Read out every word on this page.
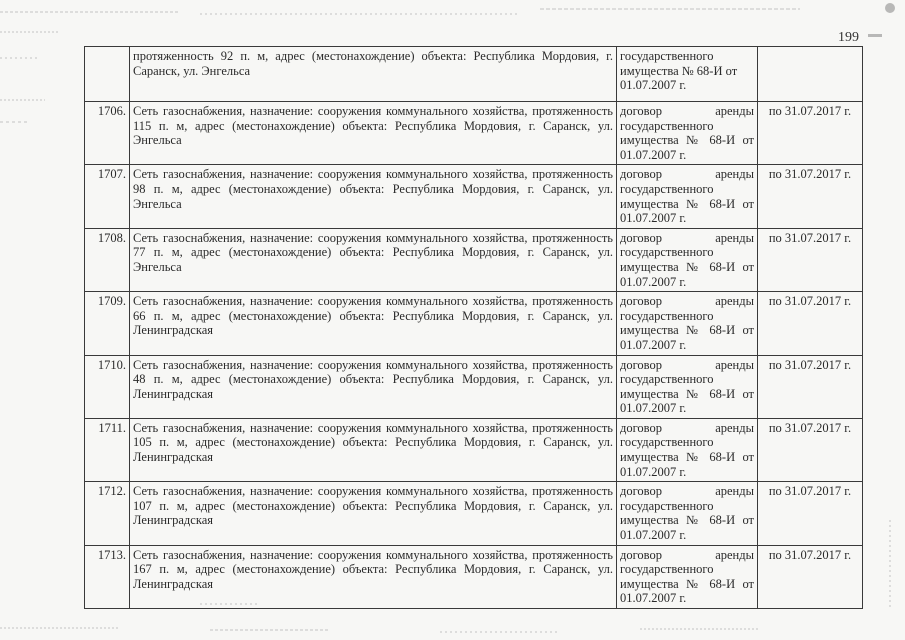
199
	протяженность 92 п. м, адрес (местонахождение) объекта: Республика Мордовия, г. Саранск, ул. Энгельса	государственного
имущества № 68-И от
01.07.2007 г.	

1706.	Сеть газоснабжения, назначение: сооружения коммунального хозяйства, протяженность 115 п. м, адрес (местонахождение) объекта: Республика Мордовия, г. Саранск, ул. Энгельса	договор аренды
государственного имущества № 68-И от 01.07.2007 г.	по 31.07.2017 г.
1707.	Сеть газоснабжения, назначение: сооружения коммунального хозяйства, протяженность 98 п. м, адрес (местонахождение) объекта: Республика Мордовия, г. Саранск, ул. Энгельса	договор аренды
государственного имущества № 68-И от 01.07.2007 г.	по 31.07.2017 г.
1708.	Сеть газоснабжения, назначение: сооружения коммунального хозяйства, протяженность 77 п. м, адрес (местонахождение) объекта: Республика Мордовия, г. Саранск, ул. Энгельса	договор аренды
государственного имущества № 68-И от 01.07.2007 г.	по 31.07.2017 г.
1709.	Сеть газоснабжения, назначение: сооружения коммунального хозяйства, протяженность 66 п. м, адрес (местонахождение) объекта: Республика Мордовия, г. Саранск, ул. Ленинградская	договор аренды
государственного имущества № 68-И от 01.07.2007 г.	по 31.07.2017 г.
1710.	Сеть газоснабжения, назначение: сооружения коммунального хозяйства, протяженность 48 п. м, адрес (местонахождение) объекта: Республика Мордовия, г. Саранск, ул. Ленинградская	договор аренды
государственного имущества № 68-И от 01.07.2007 г.	по 31.07.2017 г.
1711.	Сеть газоснабжения, назначение: сооружения коммунального хозяйства, протяженность 105 п. м, адрес (местонахождение) объекта: Республика Мордовия, г. Саранск, ул. Ленинградская	договор аренды
государственного имущества № 68-И от 01.07.2007 г.	по 31.07.2017 г.
1712.	Сеть газоснабжения, назначение: сооружения коммунального хозяйства, протяженность 107 п. м, адрес (местонахождение) объекта: Республика Мордовия, г. Саранск, ул. Ленинградская	договор аренды
государственного имущества № 68-И от 01.07.2007 г.	по 31.07.2017 г.
1713.	Сеть газоснабжения, назначение: сооружения коммунального хозяйства, протяженность 167 п. м, адрес (местонахождение) объекта: Республика Мордовия, г. Саранск, ул. Ленинградская	договор аренды
государственного имущества № 68-И от 01.07.2007 г.	по 31.07.2017 г.
